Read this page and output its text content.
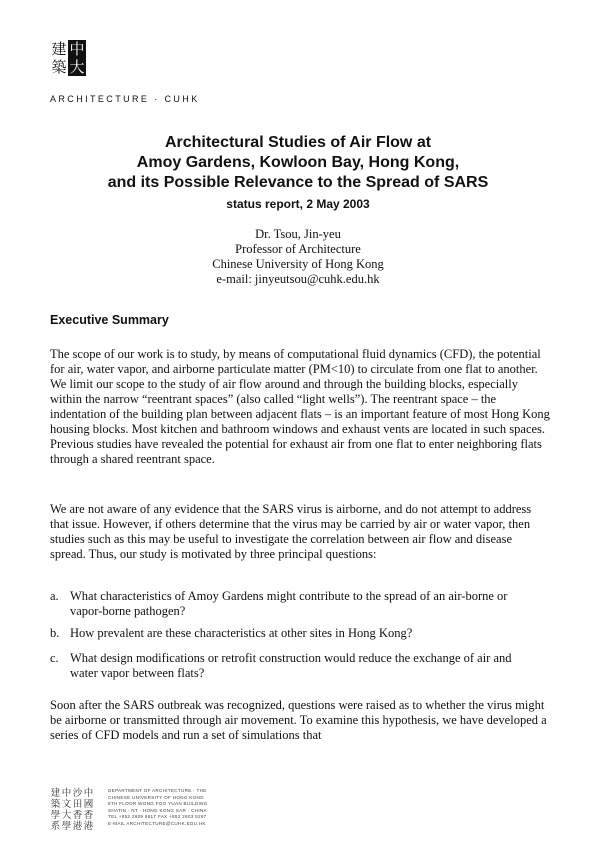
建 中
築 大
ARCHITECTURE · CUHK
Architectural Studies of Air Flow at
Amoy Gardens, Kowloon Bay, Hong Kong,
and its Possible Relevance to the Spread of SARS
status report, 2 May 2003
Dr. Tsou, Jin-yeu
Professor of Architecture
Chinese University of Hong Kong
e-mail: jinyeutsou@cuhk.edu.hk
Executive Summary

The scope of our work is to study, by means of computational fluid dynamics (CFD), the potential for air, water vapor, and airborne particulate matter (PM<10) to circulate from one flat to another. We limit our scope to the study of air flow around and through the building blocks, especially within the narrow “reentrant spaces” (also called “light wells”). The reentrant space – the indentation of the building plan between adjacent flats – is an important feature of most Hong Kong housing blocks. Most kitchen and bathroom windows and exhaust vents are located in such spaces. Previous studies have revealed the potential for exhaust air from one flat to enter neighboring flats through a shared reentrant space.

We are not aware of any evidence that the SARS virus is airborne, and do not attempt to address that issue. However, if others determine that the virus may be carried by air or water vapor, then studies such as this may be useful to investigate the correlation between air flow and disease spread. Thus, our study is motivated by three principal questions:

a. What characteristics of Amoy Gardens might contribute to the spread of an air-borne or vapor-borne pathogen?
b. How prevalent are these characteristics at other sites in Hong Kong?
c. What design modifications or retrofit construction would reduce the exchange of air and water vapor between flats?

Soon after the SARS outbreak was recognized, questions were raised as to whether the virus might be airborne or transmitted through air movement. To examine this hypothesis, we have developed a series of CFD models and run a set of simulations that

建 中 沙 中
築 文 田 國
學 大 香 香
系 學 港 港
DEPARTMENT OF ARCHITECTURE · THE
CHINESE UNIVERSITY OF HONG KONG
5TH FLOOR WONG FOO YUAN BUILDING
SHATIN · NT · HONG KONG SAR · CHINA
TEL +852 2609 6517 FAX +852 2603 5267
E-MAIL ARCHITECTURE@CUHK.EDU.HK
